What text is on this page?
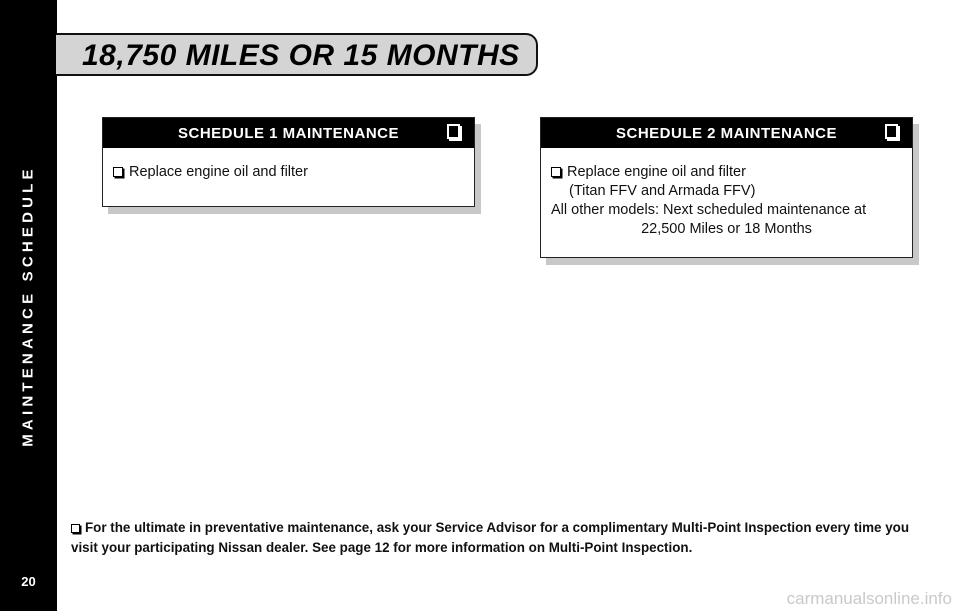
MAINTENANCE SCHEDULE
20
18,750 MILES OR 15 MONTHS
SCHEDULE 1 MAINTENANCE
Replace engine oil and filter
SCHEDULE 2 MAINTENANCE
Replace engine oil and filter
(Titan FFV and Armada FFV)
All other models: Next scheduled maintenance at
22,500 Miles or 18 Months
For the ultimate in preventative maintenance, ask your Service Advisor for a complimentary Multi-Point Inspection every time you visit your participating Nissan dealer. See page 12 for more information on Multi-Point Inspection.
carmanualsonline.info
